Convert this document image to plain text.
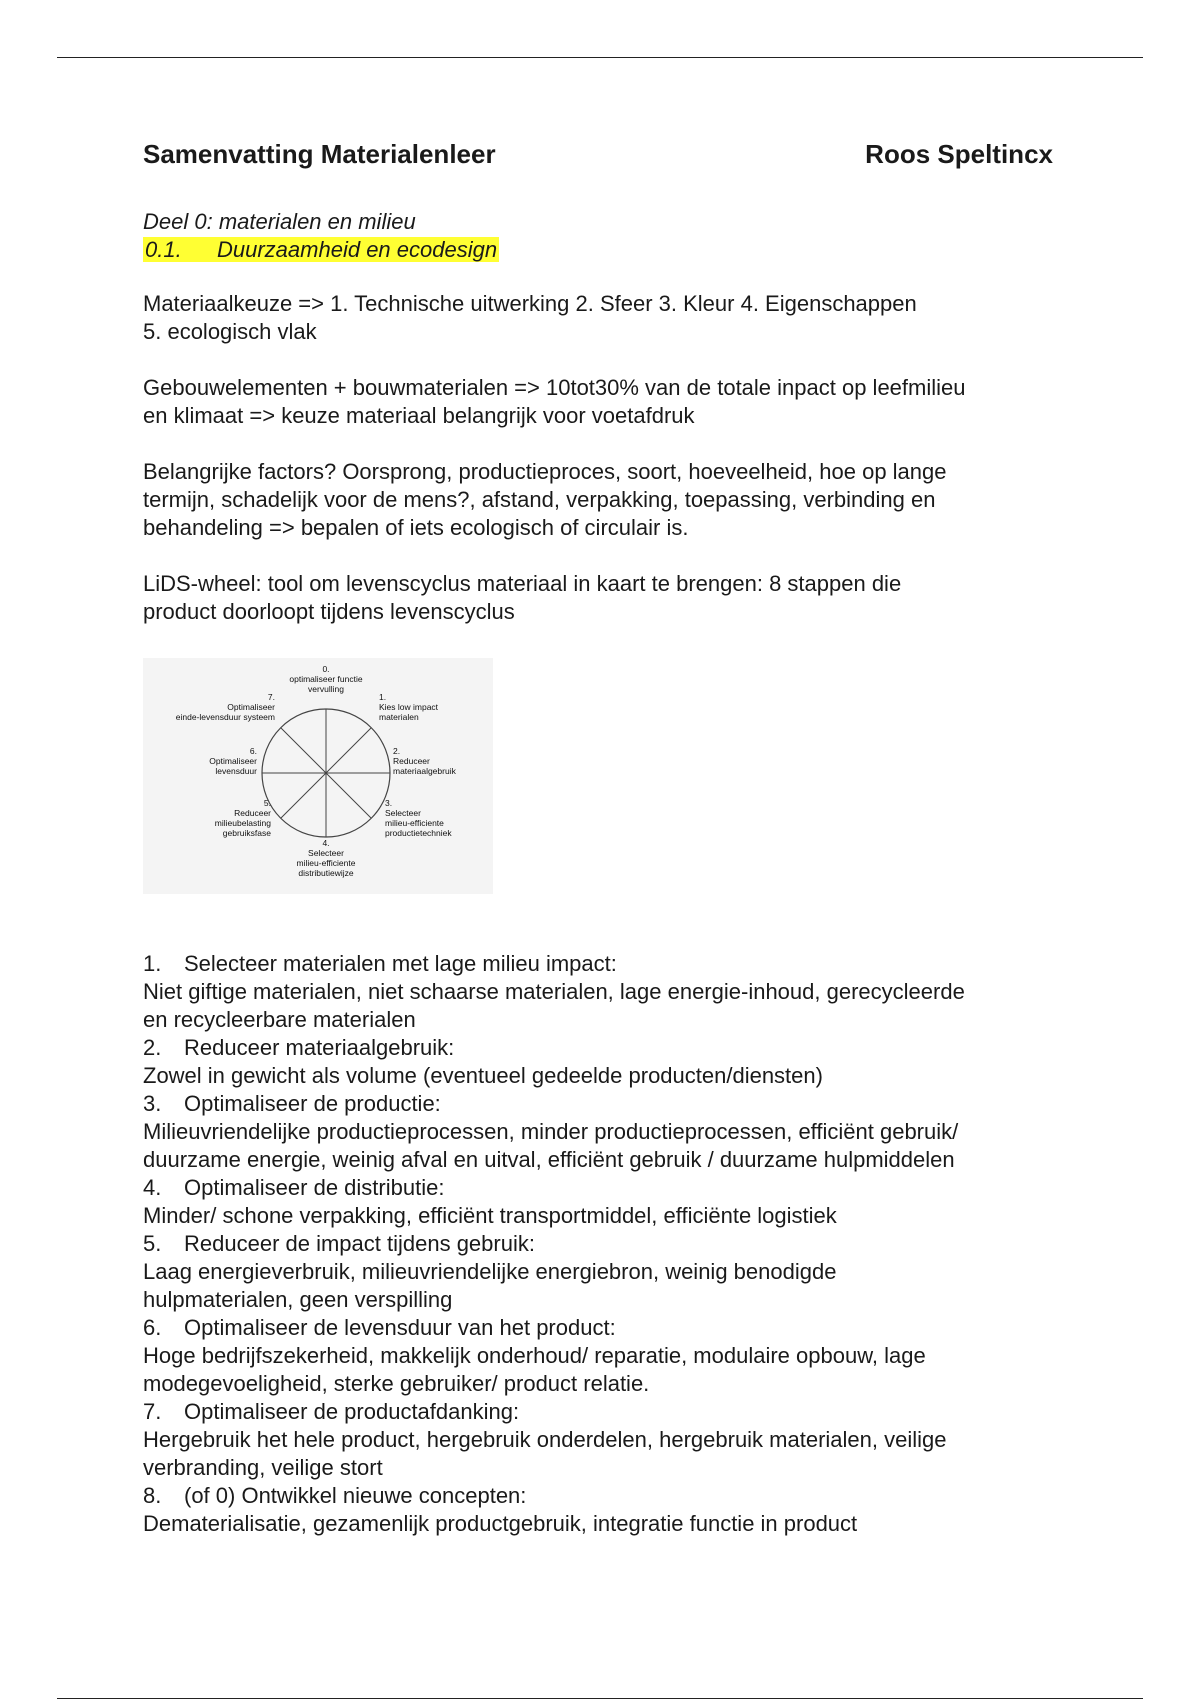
Samenvatting Materialenleer	Roos Speltincx
Deel 0: materialen en milieu
0.1. Duurzaamheid en ecodesign

Materiaalkeuze => 1. Technische uitwerking 2. Sfeer 3. Kleur 4. Eigenschappen
5. ecologisch vlak

Gebouwelementen + bouwmaterialen => 10tot30% van de totale inpact op leefmilieu
en klimaat => keuze materiaal belangrijk voor voetafdruk

Belangrijke factors? Oorsprong, productieproces, soort, hoeveelheid, hoe op lange
termijn, schadelijk voor de mens?, afstand, verpakking, toepassing, verbinding en
behandeling => bepalen of iets ecologisch of circulair is.

LiDS-wheel: tool om levenscyclus materiaal in kaart te brengen: 8 stappen die
product doorloopt tijdens levenscyclus

0. optimaliseer functie vervulling
1. Kies low impact materialen
2. Reduceer materiaalgebruik
3. Selecteer milieu-efficiente productietechniek
4. Selecteer milieu-efficiente distributiewijze
5. Reduceer milieubelasting gebruiksfase
6. Optimaliseer levensduur
7. Optimaliseer einde-levensduur systeem
1. Selecteer materialen met lage milieu impact:
Niet giftige materialen, niet schaarse materialen, lage energie-inhoud, gerecycleerde
en recycleerbare materialen
2. Reduceer materiaalgebruik:
Zowel in gewicht als volume (eventueel gedeelde producten/diensten)
3. Optimaliseer de productie:
Milieuvriendelijke productieprocessen, minder productieprocessen, efficiënt gebruik/
duurzame energie, weinig afval en uitval, efficiënt gebruik / duurzame hulpmiddelen
4. Optimaliseer de distributie:
Minder/ schone verpakking, efficiënt transportmiddel, efficiënte logistiek
5. Reduceer de impact tijdens gebruik:
Laag energieverbruik, milieuvriendelijke energiebron, weinig benodigde
hulpmaterialen, geen verspilling
6. Optimaliseer de levensduur van het product:
Hoge bedrijfszekerheid, makkelijk onderhoud/ reparatie, modulaire opbouw, lage
modegevoeligheid, sterke gebruiker/ product relatie.
7. Optimaliseer de productafdanking:
Hergebruik het hele product, hergebruik onderdelen, hergebruik materialen, veilige
verbranding, veilige stort
8. (of 0) Ontwikkel nieuwe concepten:
Dematerialisatie, gezamenlijk productgebruik, integratie functie in product
